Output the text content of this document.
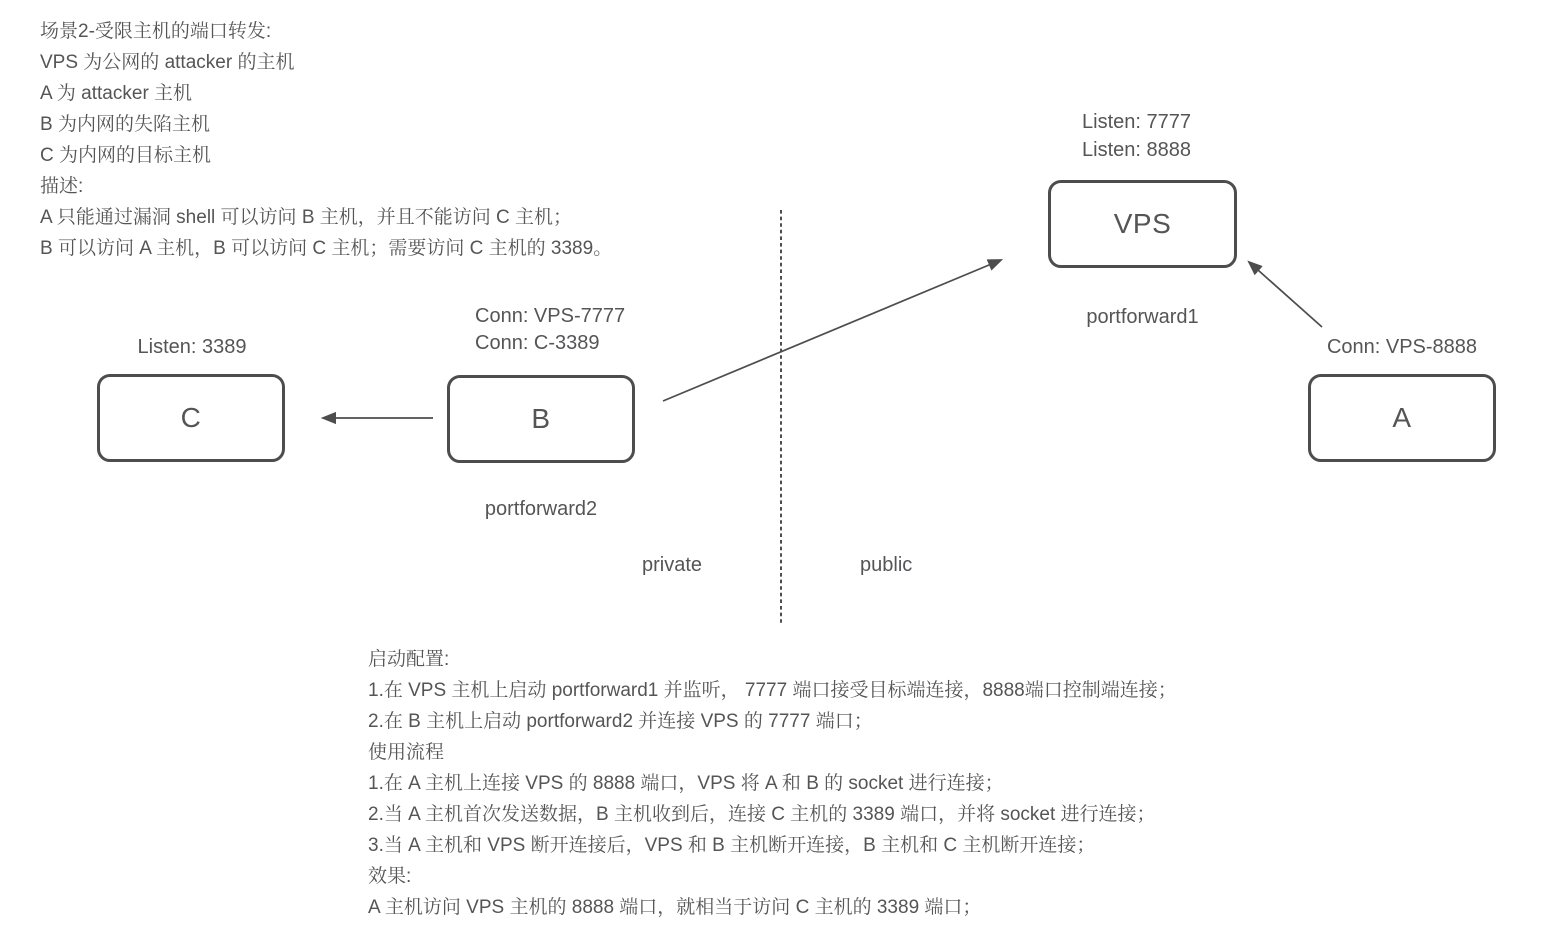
场景2-受限主机的端口转发:
VPS 为公网的 attacker 的主机
A 为 attacker 主机
B 为内网的失陷主机
C 为内网的目标主机
描述:
A 只能通过漏洞 shell 可以访问 B 主机，并且不能访问 C 主机；
B 可以访问 A 主机，B 可以访问 C 主机；需要访问 C 主机的 3389。
C	B
VPS
A
Listen: 3389
Conn: VPS-7777
Conn: C-3389
portforward2
Listen: 7777
Listen: 8888
portforward1
Conn: VPS-8888
private	public
启动配置:
1.在 VPS 主机上启动 portforward1 并监听， 7777 端口接受目标端连接，8888端口控制端连接；
2.在 B 主机上启动 portforward2 并连接 VPS 的 7777 端口；
使用流程
1.在 A 主机上连接 VPS 的 8888 端口，VPS 将 A 和 B 的 socket 进行连接；
2.当 A 主机首次发送数据，B 主机收到后，连接 C 主机的 3389 端口，并将 socket 进行连接；
3.当 A 主机和 VPS 断开连接后，VPS 和 B 主机断开连接，B 主机和 C 主机断开连接；
效果:
A 主机访问 VPS 主机的 8888 端口，就相当于访问 C 主机的 3389 端口；
